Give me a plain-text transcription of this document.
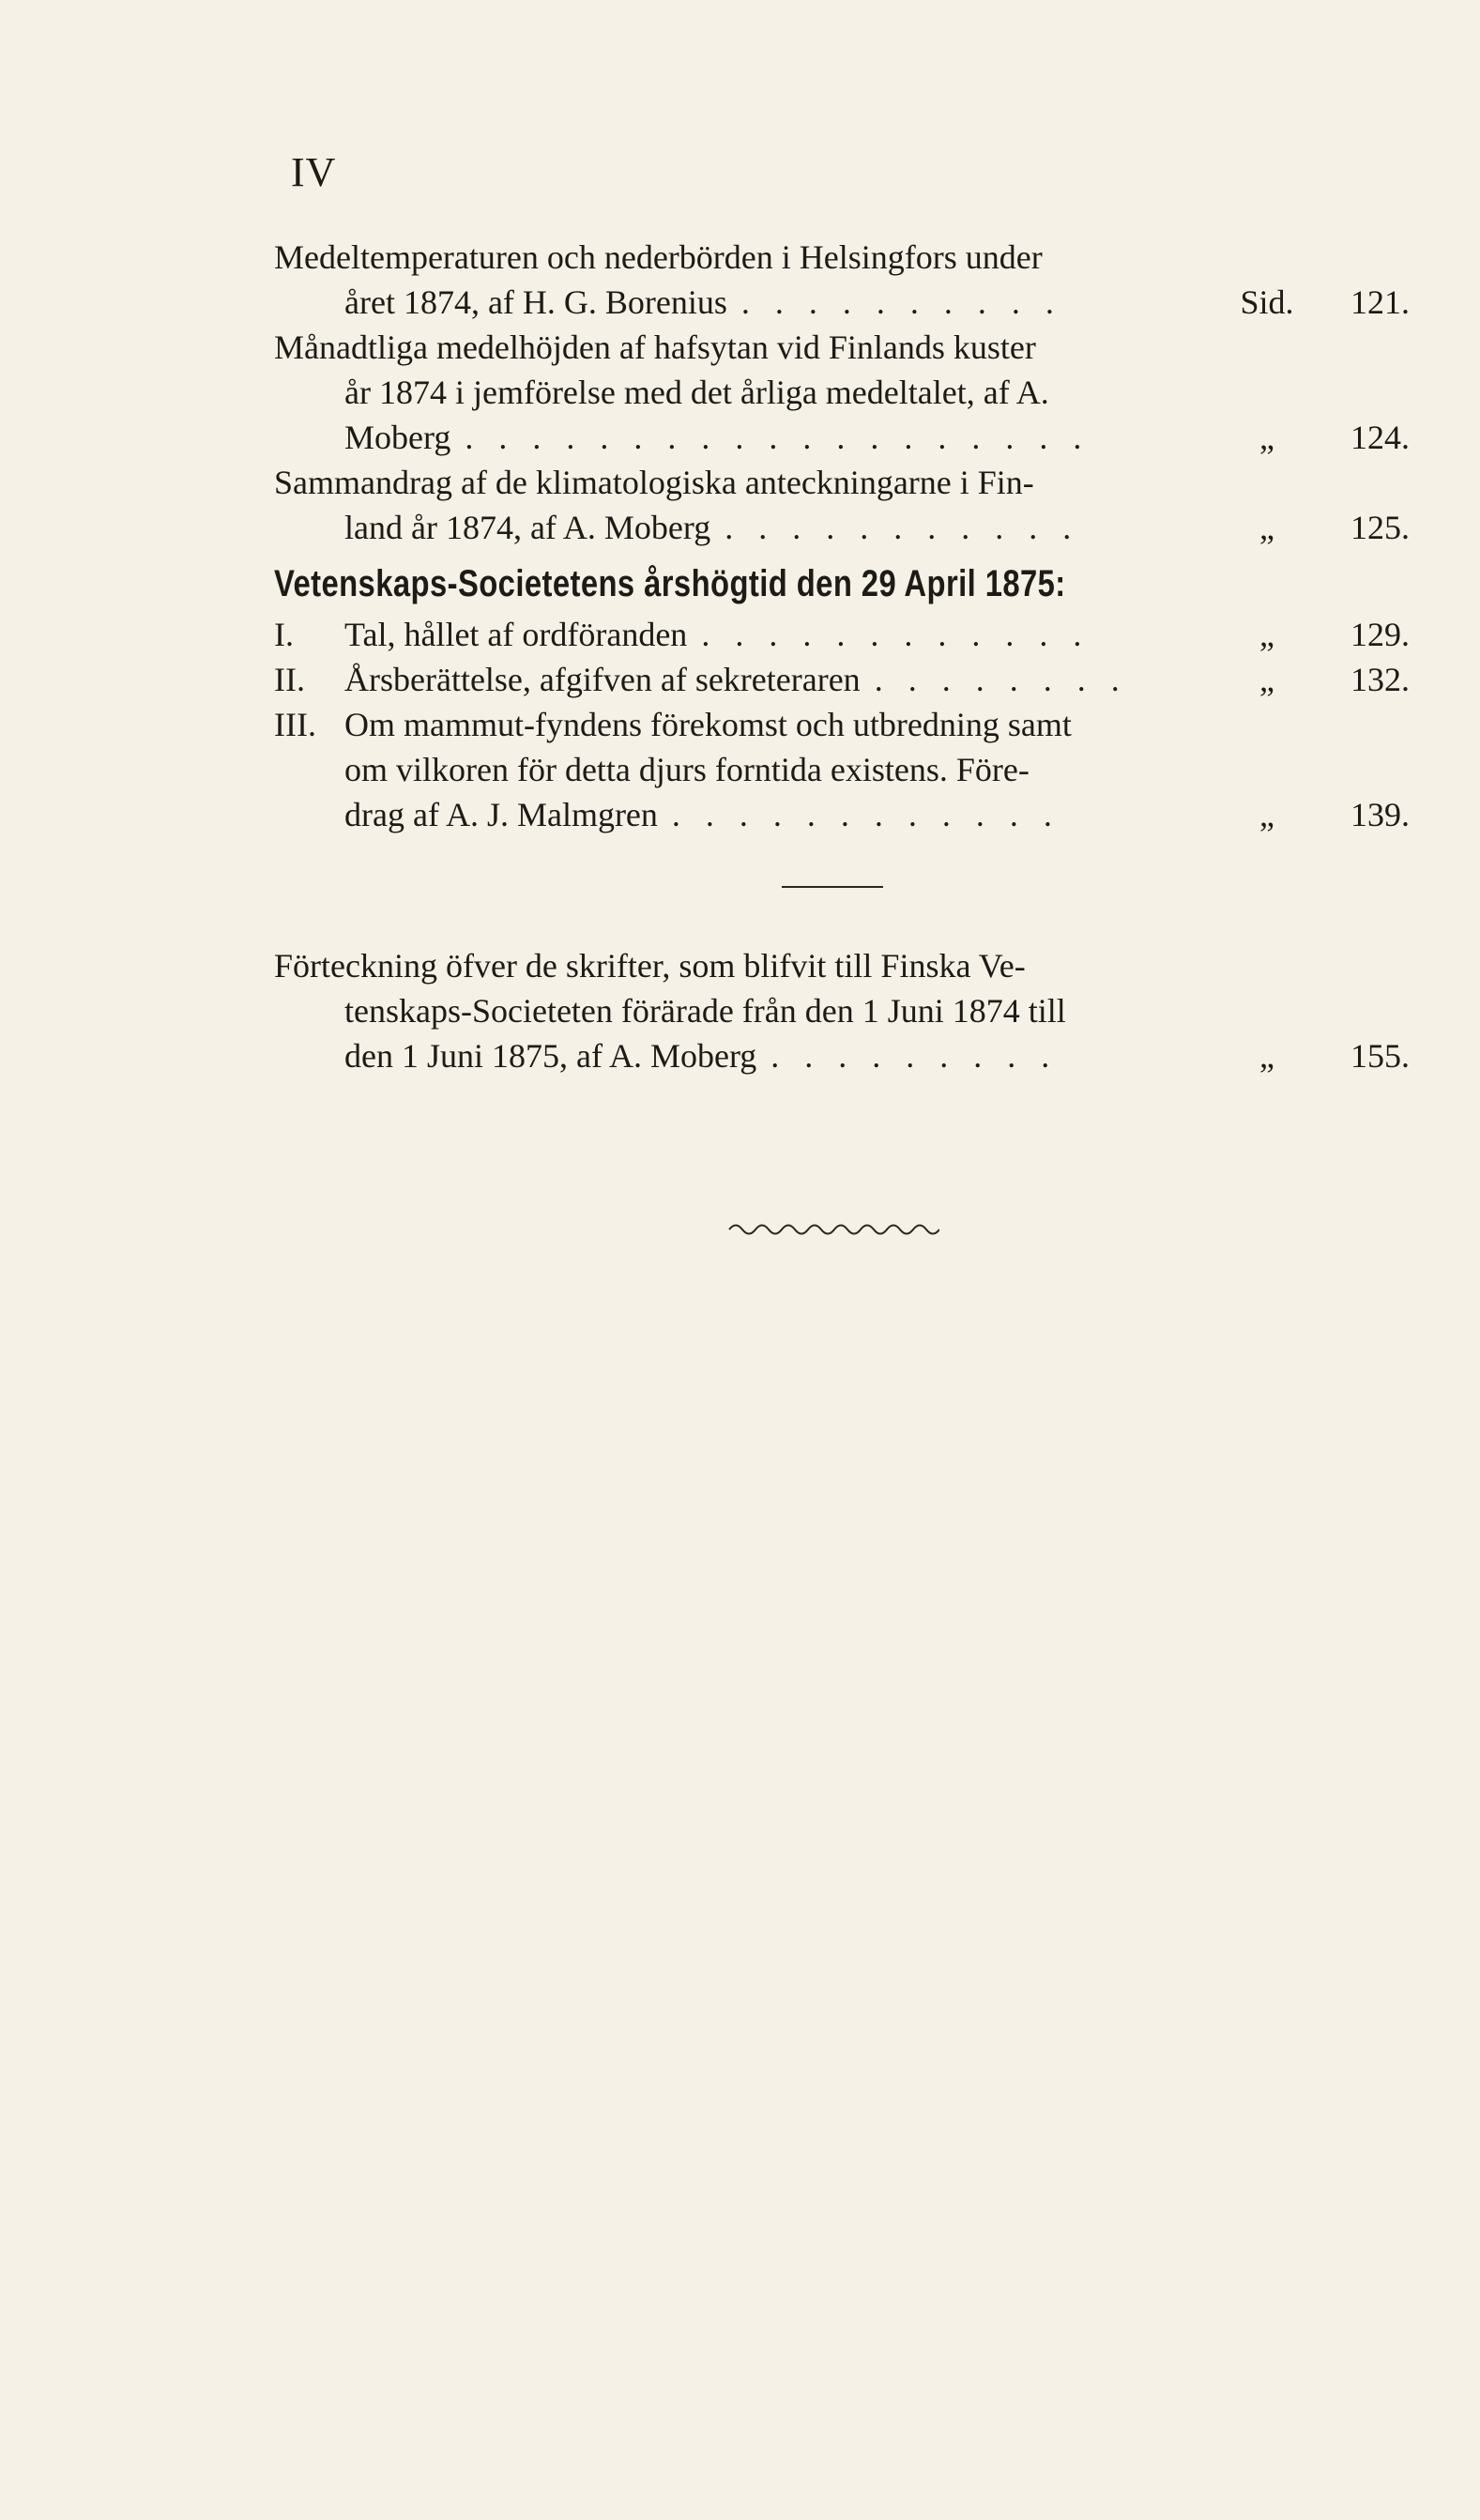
IV
Medeltemperaturen och nederbörden i Helsingfors under
året 1874, af H. G. Borenius . . . . . . . . . .	Sid.	121.
Månadtliga medelhöjden af hafsytan vid Finlands kuster
år 1874 i jemförelse med det årliga medeltalet, af A.
Moberg . . . . . . . . . . . . . . . . . . .	„	124.
Sammandrag af de klimatologiska anteckningarne i Fin-
land år 1874, af A. Moberg . . . . . . . . . . .	„	125.
Vetenskaps-Societetens årshögtid den 29 April 1875:
I.	Tal, hållet af ordföranden . . . . . . . . . . . .	„	129.
II.	Årsberättelse, afgifven af sekreteraren . . . . . . . .	„	132.
III. Om mammut-fyndens förekomst och utbredning samt
om vilkoren för detta djurs forntida existens. Före-
drag af A. J. Malmgren . . . . . . . . . . . .	„	139.
Förteckning öfver de skrifter, som blifvit till Finska Ve-
tenskaps-Societeten förärade från den 1 Juni 1874 till
den 1 Juni 1875, af A. Moberg . . . . . . . . .	„	155.
